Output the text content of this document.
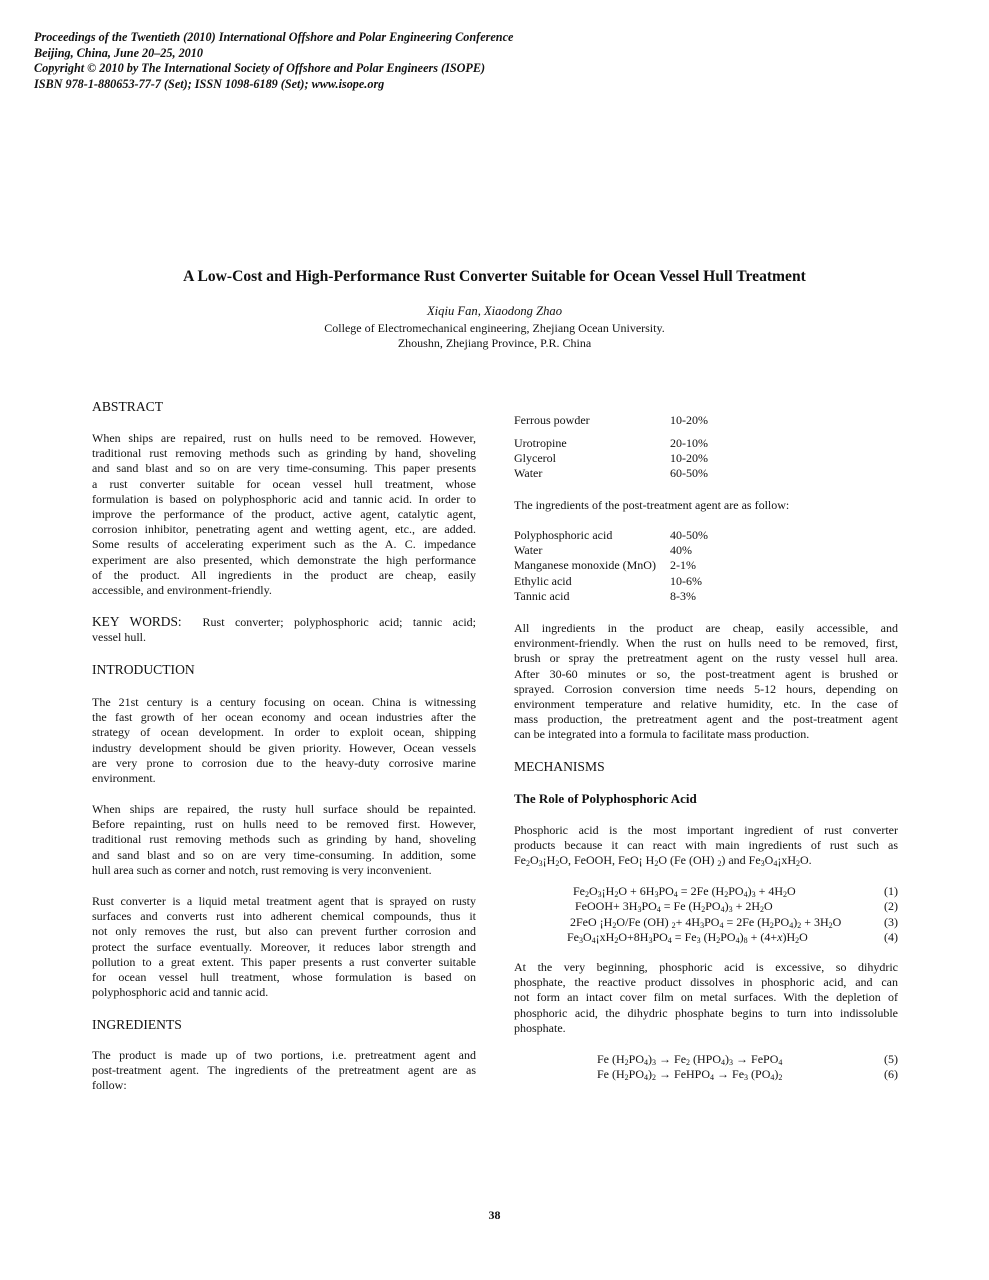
Proceedings of the Twentieth (2010) International Offshore and Polar Engineering Conference
Beijing, China, June 20–25, 2010
Copyright © 2010 by The International Society of Offshore and Polar Engineers (ISOPE)
ISBN 978-1-880653-77-7 (Set); ISSN 1098-6189 (Set); www.isope.org
A Low-Cost and High-Performance Rust Converter Suitable for Ocean Vessel Hull Treatment
Xiqiu Fan, Xiaodong Zhao
College of Electromechanical engineering, Zhejiang Ocean University.
Zhoushn, Zhejiang Province, P.R. China
ABSTRACT
When ships are repaired, rust on hulls need to be removed. However,
traditional rust removing methods such as grinding by hand, shoveling
and sand blast and so on are very time-consuming. This paper presents
a rust converter suitable for ocean vessel hull treatment, whose
formulation is based on polyphosphoric acid and tannic acid. In order to
improve the performance of the product, active agent, catalytic agent,
corrosion inhibitor, penetrating agent and wetting agent, etc., are added.
Some results of accelerating experiment such as the A. C. impedance
experiment are also presented, which demonstrate the high performance
of the product. All ingredients in the product are cheap, easily
accessible, and environment-friendly.
KEY WORDS: Rust converter; polyphosphoric acid; tannic acid;
vessel hull.
INTRODUCTION
The 21st century is a century focusing on ocean. China is witnessing
the fast growth of her ocean economy and ocean industries after the
strategy of ocean development. In order to exploit ocean, shipping
industry development should be given priority. However, Ocean vessels
are very prone to corrosion due to the heavy-duty corrosive marine
environment.
When ships are repaired, the rusty hull surface should be repainted.
Before repainting, rust on hulls need to be removed first. However,
traditional rust removing methods such as grinding by hand, shoveling
and sand blast and so on are very time-consuming. In addition, some
hull area such as corner and notch, rust removing is very inconvenient.
Rust converter is a liquid metal treatment agent that is sprayed on rusty
surfaces and converts rust into adherent chemical compounds, thus it
not only removes the rust, but also can prevent further corrosion and
protect the surface eventually. Moreover, it reduces labor strength and
pollution to a great extent. This paper presents a rust converter suitable
for ocean vessel hull treatment, whose formulation is based on
polyphosphoric acid and tannic acid.
INGREDIENTS
The product is made up of two portions, i.e. pretreatment agent and
post-treatment agent. The ingredients of the pretreatment agent are as
follow:
Ferrous powder	10-20%
Urotropine	20-10%
Glycerol	10-20%
Water	60-50%
The ingredients of the post-treatment agent are as follow:
Polyphosphoric acid	40-50%
Water	40%
Manganese monoxide (MnO)	2-1%
Ethylic acid	10-6%
Tannic acid	8-3%
All ingredients in the product are cheap, easily accessible, and
environment-friendly. When the rust on hulls need to be removed, first,
brush or spray the pretreatment agent on the rusty vessel hull area.
After 30-60 minutes or so, the post-treatment agent is brushed or
sprayed. Corrosion conversion time needs 5-12 hours, depending on
environment temperature and relative humidity, etc. In the case of
mass production, the pretreatment agent and the post-treatment agent
can be integrated into a formula to facilitate mass production.
MECHANISMS
The Role of Polyphosphoric Acid
Phosphoric acid is the most important ingredient of rust converter
products because it can react with main ingredients of rust such as
$Fe_2O_3¡H_2O$, FeOOH, FeO¡ $H_2O$ (Fe (OH) $_2$) and $Fe_3O_4¡xH_2O$.
$Fe_2O_3¡H_2O + 6H_3PO_4 = 2Fe$ $(H_2PO_4)_3 + 4H_2O$	(1)
FeOOH+ $3H_3PO_4 = Fe$ $(H_2PO_4)_3 + 2H_2O$	(2)
2FeO ¡$H_2O/Fe$ (OH) $_2+ 4H_3PO_4 = 2Fe$ $(H_2PO_4)_2 + 3H_2O$	(3)
$Fe_3O_4¡xH_2O+8H_3PO_4 = Fe_3$ $(H_2PO_4)_8 + (4+x)H_2O$	(4)
At the very beginning, phosphoric acid is excessive, so dihydric
phosphate, the reactive product dissolves in phosphoric acid, and can
not form an intact cover film on metal surfaces. With the depletion of
phosphoric acid, the dihydric phosphate begins to turn into indissoluble
phosphate.
Fe $(H_2PO_4)_3 \to Fe_2$ $(HPO_4)_3$ → FePO$_4$	(5)
Fe $(H_2PO_4)_2$ → FeHPO$_4$ → $Fe_3$ $(PO_4)_2$	(6)
38
